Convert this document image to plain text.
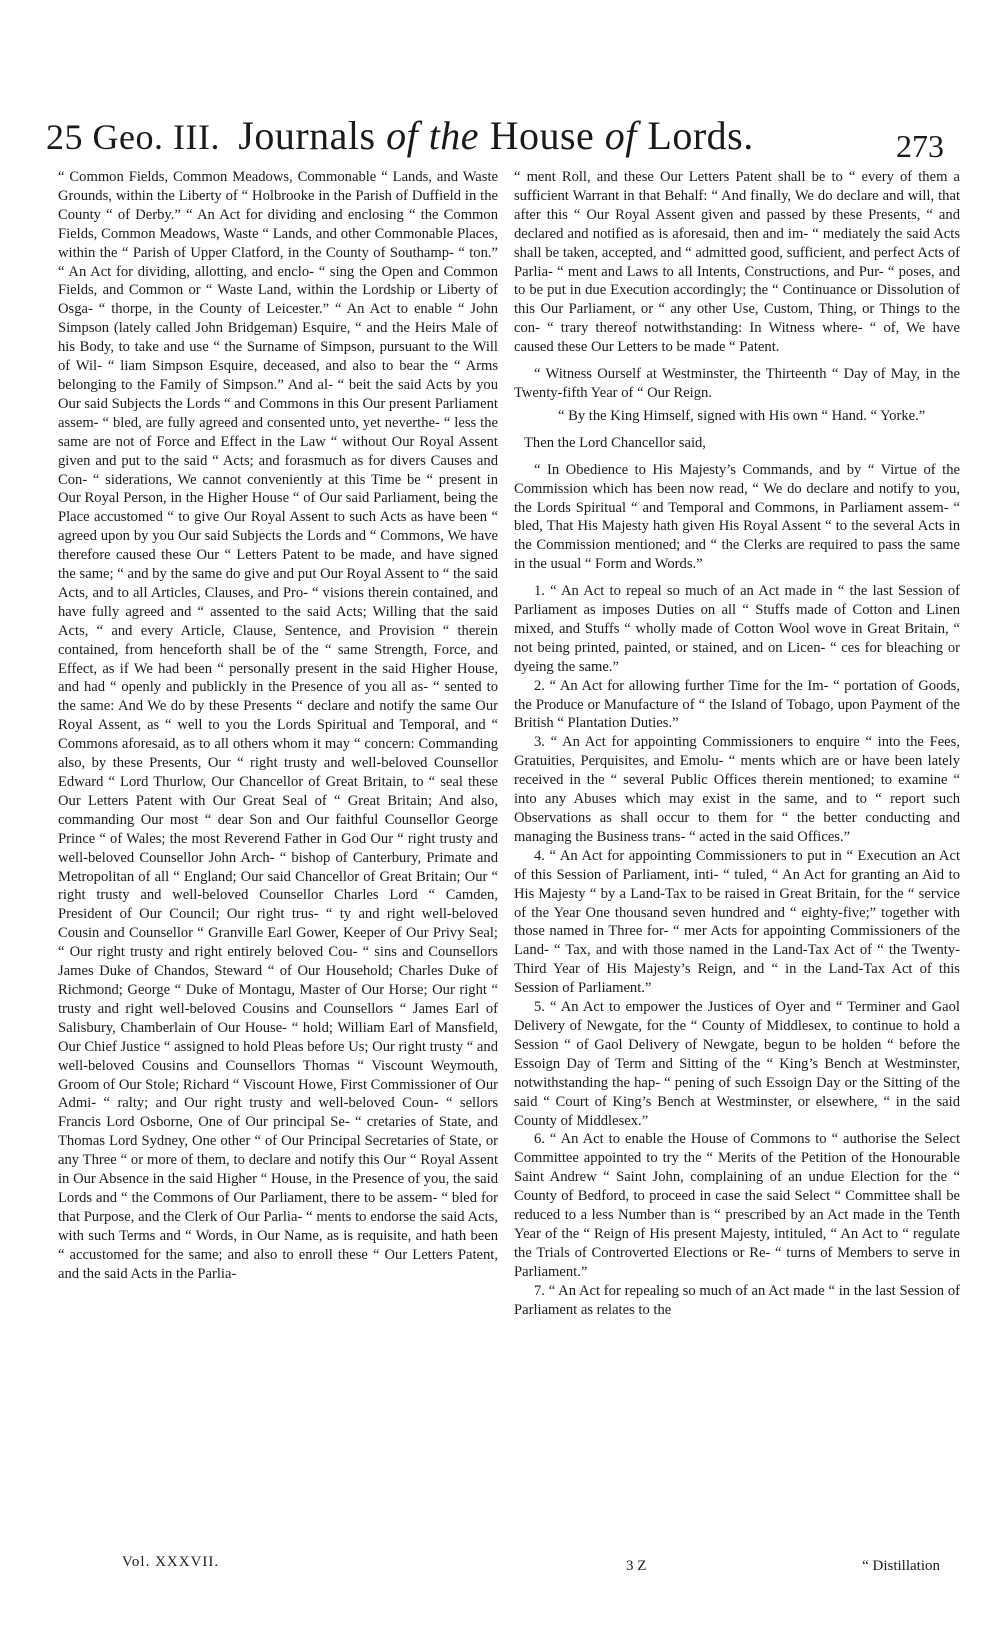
25 Geo. III. Journals of the House of Lords.	273

“ Common Fields, Common Meadows, Commonable “ Lands, and Waste Grounds, within the Liberty of “ Holbrooke in the Parish of Duffield in the County “ of Derby.” “ An Act for dividing and enclosing “ the Common Fields, Common Meadows, Waste “ Lands, and other Commonable Places, within the “ Parish of Upper Clatford, in the County of Southamp- “ ton.” “ An Act for dividing, allotting, and enclo- “ sing the Open and Common Fields, and Common or “ Waste Land, within the Lordship or Liberty of Osga- “ thorpe, in the County of Leicester.” “ An Act to enable “ John Simpson (lately called John Bridgeman) Esquire, “ and the Heirs Male of his Body, to take and use “ the Surname of Simpson, pursuant to the Will of Wil- “ liam Simpson Esquire, deceased, and also to bear the “ Arms belonging to the Family of Simpson.” And al- “ beit the said Acts by you Our said Subjects the Lords “ and Commons in this Our present Parliament assem- “ bled, are fully agreed and consented unto, yet neverthe- “ less the same are not of Force and Effect in the Law “ without Our Royal Assent given and put to the said “ Acts; and forasmuch as for divers Causes and Con- “ siderations, We cannot conveniently at this Time be “ present in Our Royal Person, in the Higher House “ of Our said Parliament, being the Place accustomed “ to give Our Royal Assent to such Acts as have been “ agreed upon by you Our said Subjects the Lords and “ Commons, We have therefore caused these Our “ Letters Patent to be made, and have signed the same; “ and by the same do give and put Our Royal Assent to “ the said Acts, and to all Articles, Clauses, and Pro- “ visions therein contained, and have fully agreed and “ assented to the said Acts; Willing that the said Acts, “ and every Article, Clause, Sentence, and Provision “ therein contained, from henceforth shall be of the “ same Strength, Force, and Effect, as if We had been “ personally present in the said Higher House, and had “ openly and publickly in the Presence of you all as- “ sented to the same: And We do by these Presents “ declare and notify the same Our Royal Assent, as “ well to you the Lords Spiritual and Temporal, and “ Commons aforesaid, as to all others whom it may “ concern: Commanding also, by these Presents, Our “ right trusty and well-beloved Counsellor Edward “ Lord Thurlow, Our Chancellor of Great Britain, to “ seal these Our Letters Patent with Our Great Seal of “ Great Britain; And also, commanding Our most “ dear Son and Our faithful Counsellor George Prince “ of Wales; the most Reverend Father in God Our “ right trusty and well-beloved Counsellor John Arch- “ bishop of Canterbury, Primate and Metropolitan of all “ England; Our said Chancellor of Great Britain; Our “ right trusty and well-beloved Counsellor Charles Lord “ Camden, President of Our Council; Our right trus- “ ty and right well-beloved Cousin and Counsellor “ Granville Earl Gower, Keeper of Our Privy Seal; “ Our right trusty and right entirely beloved Cou- “ sins and Counsellors James Duke of Chandos, Steward “ of Our Household; Charles Duke of Richmond; George “ Duke of Montagu, Master of Our Horse; Our right “ trusty and right well-beloved Cousins and Counsellors “ James Earl of Salisbury, Chamberlain of Our House- “ hold; William Earl of Mansfield, Our Chief Justice “ assigned to hold Pleas before Us; Our right trusty “ and well-beloved Cousins and Counsellors Thomas “ Viscount Weymouth, Groom of Our Stole; Richard “ Viscount Howe, First Commissioner of Our Admi- “ ralty; and Our right trusty and well-beloved Coun- “ sellors Francis Lord Osborne, One of Our principal Se- “ cretaries of State, and Thomas Lord Sydney, One other “ of Our Principal Secretaries of State, or any Three “ or more of them, to declare and notify this Our “ Royal Assent in Our Absence in the said Higher “ House, in the Presence of you, the said Lords and “ the Commons of Our Parliament, there to be assem- “ bled for that Purpose, and the Clerk of Our Parlia- “ ments to endorse the said Acts, with such Terms and “ Words, in Our Name, as is requisite, and hath been “ accustomed for the same; and also to enroll these “ Our Letters Patent, and the said Acts in the Parlia-

“ ment Roll, and these Our Letters Patent shall be to “ every of them a sufficient Warrant in that Behalf: “ And finally, We do declare and will, that after this “ Our Royal Assent given and passed by these Presents, “ and declared and notified as is aforesaid, then and im- “ mediately the said Acts shall be taken, accepted, and “ admitted good, sufficient, and perfect Acts of Parlia- “ ment and Laws to all Intents, Constructions, and Pur- “ poses, and to be put in due Execution accordingly; the “ Continuance or Dissolution of this Our Parliament, or “ any other Use, Custom, Thing, or Things to the con- “ trary thereof notwithstanding: In Witness where- “ of, We have caused these Our Letters to be made “ Patent.

“ Witness Ourself at Westminster, the Thirteenth “ Day of May, in the Twenty-fifth Year of “ Our Reign.

“ By the King Himself, signed with His own “ Hand. “ Yorke.”

Then the Lord Chancellor said,

“ In Obedience to His Majesty’s Commands, and by “ Virtue of the Commission which has been now read, “ We do declare and notify to you, the Lords Spiritual “ and Temporal and Commons, in Parliament assem- “ bled, That His Majesty hath given His Royal Assent “ to the several Acts in the Commission mentioned; and “ the Clerks are required to pass the same in the usual “ Form and Words.”

1. “ An Act to repeal so much of an Act made in “ the last Session of Parliament as imposes Duties on all “ Stuffs made of Cotton and Linen mixed, and Stuffs “ wholly made of Cotton Wool wove in Great Britain, “ not being printed, painted, or stained, and on Licen- “ ces for bleaching or dyeing the same.”

2. “ An Act for allowing further Time for the Im- “ portation of Goods, the Produce or Manufacture of “ the Island of Tobago, upon Payment of the British “ Plantation Duties.”

3. “ An Act for appointing Commissioners to enquire “ into the Fees, Gratuities, Perquisites, and Emolu- “ ments which are or have been lately received in the “ several Public Offices therein mentioned; to examine “ into any Abuses which may exist in the same, and to “ report such Observations as shall occur to them for “ the better conducting and managing the Business trans- “ acted in the said Offices.”

4. “ An Act for appointing Commissioners to put in “ Execution an Act of this Session of Parliament, inti- “ tuled, “ An Act for granting an Aid to His Majesty “ by a Land-Tax to be raised in Great Britain, for the “ service of the Year One thousand seven hundred and “ eighty-five;” together with those named in Three for- “ mer Acts for appointing Commissioners of the Land- “ Tax, and with those named in the Land-Tax Act of “ the Twenty-Third Year of His Majesty’s Reign, and “ in the Land-Tax Act of this Session of Parliament.”

5. “ An Act to empower the Justices of Oyer and “ Terminer and Gaol Delivery of Newgate, for the “ County of Middlesex, to continue to hold a Session “ of Gaol Delivery of Newgate, begun to be holden “ before the Essoign Day of Term and Sitting of the “ King’s Bench at Westminster, notwithstanding the hap- “ pening of such Essoign Day or the Sitting of the said “ Court of King’s Bench at Westminster, or elsewhere, “ in the said County of Middlesex.”

6. “ An Act to enable the House of Commons to “ authorise the Select Committee appointed to try the “ Merits of the Petition of the Honourable Saint Andrew “ Saint John, complaining of an undue Election for the “ County of Bedford, to proceed in case the said Select “ Committee shall be reduced to a less Number than is “ prescribed by an Act made in the Tenth Year of the “ Reign of His present Majesty, intituled, “ An Act to “ regulate the Trials of Controverted Elections or Re- “ turns of Members to serve in Parliament.”

7. “ An Act for repealing so much of an Act made “ in the last Session of Parliament as relates to the

Vol. XXXVII.	3 Z	“ Distillation
